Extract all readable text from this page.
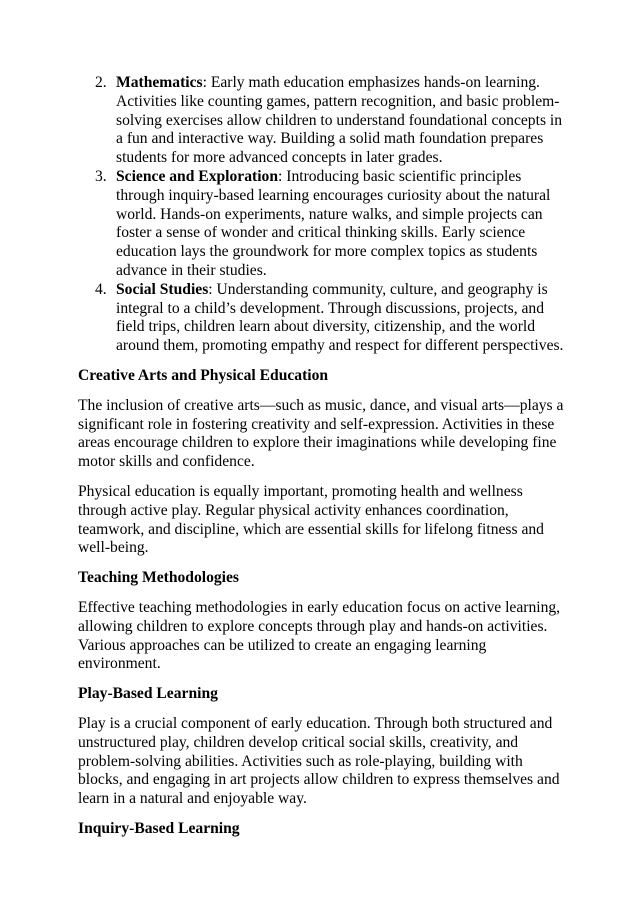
2. Mathematics: Early math education emphasizes hands-on learning. Activities like counting games, pattern recognition, and basic problem-solving exercises allow children to understand foundational concepts in a fun and interactive way. Building a solid math foundation prepares students for more advanced concepts in later grades.
3. Science and Exploration: Introducing basic scientific principles through inquiry-based learning encourages curiosity about the natural world. Hands-on experiments, nature walks, and simple projects can foster a sense of wonder and critical thinking skills. Early science education lays the groundwork for more complex topics as students advance in their studies.
4. Social Studies: Understanding community, culture, and geography is integral to a child’s development. Through discussions, projects, and field trips, children learn about diversity, citizenship, and the world around them, promoting empathy and respect for different perspectives.
Creative Arts and Physical Education

The inclusion of creative arts—such as music, dance, and visual arts—plays a significant role in fostering creativity and self-expression. Activities in these areas encourage children to explore their imaginations while developing fine motor skills and confidence.

Physical education is equally important, promoting health and wellness through active play. Regular physical activity enhances coordination, teamwork, and discipline, which are essential skills for lifelong fitness and well-being.

Teaching Methodologies

Effective teaching methodologies in early education focus on active learning, allowing children to explore concepts through play and hands-on activities. Various approaches can be utilized to create an engaging learning environment.

Play-Based Learning

Play is a crucial component of early education. Through both structured and unstructured play, children develop critical social skills, creativity, and problem-solving abilities. Activities such as role-playing, building with blocks, and engaging in art projects allow children to express themselves and learn in a natural and enjoyable way.

Inquiry-Based Learning
